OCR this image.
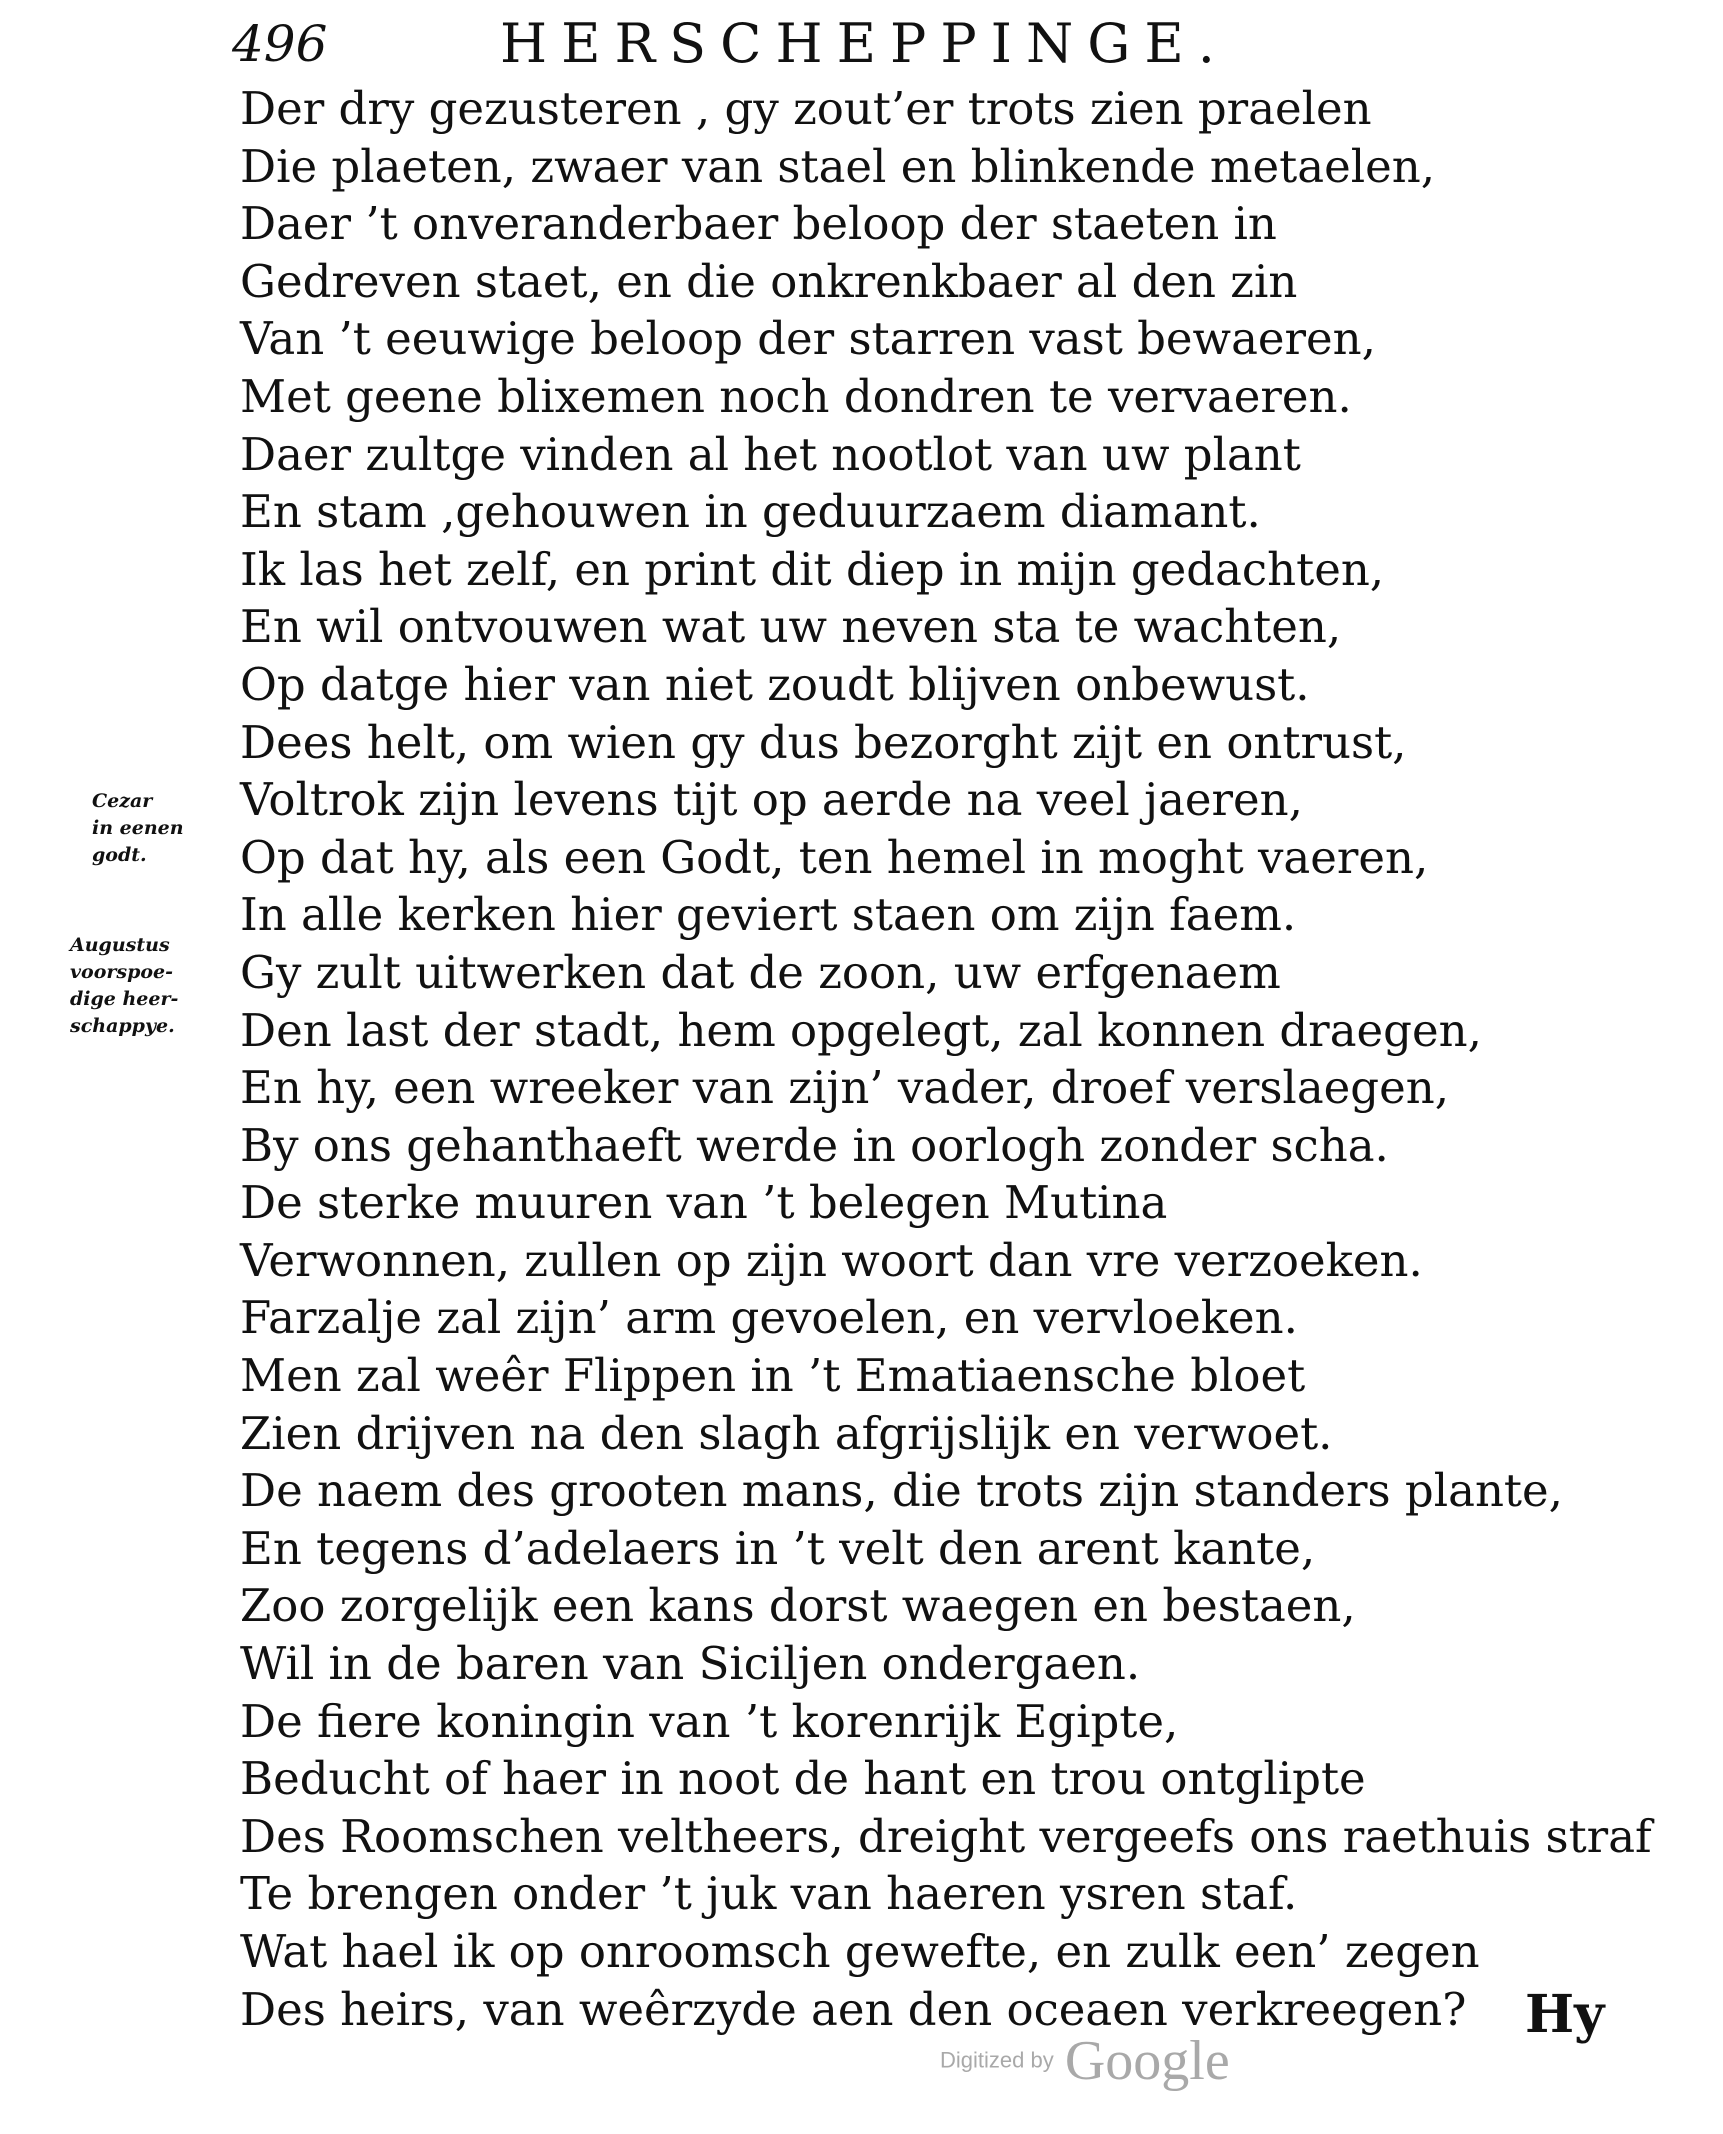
496	HERSCHEPPINGE.
Cezar
in eenen
godt.
Augustus
voorspoe-
dige heer-
schappye.
Der dry gezusteren , gy zout’er trots zien praelen
Die plaeten, zwaer van stael en blinkende metaelen,
Daer ’t onveranderbaer beloop der staeten in
Gedreven staet, en die onkrenkbaer al den zin
Van ’t eeuwige beloop der starren vast bewaeren,
Met geene blixemen noch dondren te vervaeren.
Daer zultge vinden al het nootlot van uw plant
En stam ,gehouwen in geduurzaem diamant.
Ik las het zelf, en print dit diep in mijn gedachten,
En wil ontvouwen wat uw neven sta te wachten,
Op datge hier van niet zoudt blijven onbewust.
Dees helt, om wien gy dus bezorght zijt en ontrust,
Voltrok zijn levens tijt op aerde na veel jaeren,
Op dat hy, als een Godt, ten hemel in moght vaeren,
In alle kerken hier geviert staen om zijn faem.
Gy zult uitwerken dat de zoon, uw erfgenaem
Den last der stadt, hem opgelegt, zal konnen draegen,
En hy, een wreeker van zijn’ vader, droef verslaegen,
By ons gehanthaeft werde in oorlogh zonder scha.
De sterke muuren van ’t belegen Mutina
Verwonnen, zullen op zijn woort dan vre verzoeken.
Farzalje zal zijn’ arm gevoelen, en vervloeken.
Men zal weêr Flippen in ’t Ematiaensche bloet
Zien drijven na den slagh afgrijslijk en verwoet.
De naem des grooten mans, die trots zijn standers plante,
En tegens d’adelaers in ’t velt den arent kante,
Zoo zorgelijk een kans dorst waegen en bestaen,
Wil in de baren van Siciljen ondergaen.
De fiere koningin van ’t korenrijk Egipte,
Beducht of haer in noot de hant en trou ontglipte
Des Roomschen veltheers, dreight vergeefs ons raethuis straf
Te brengen onder ’t juk van haeren ysren staf.
Wat hael ik op onroomsch gewefte, en zulk een’ zegen
Des heirs, van weêrzyde aen den oceaen verkreegen?	Hy
Digitized by Google
